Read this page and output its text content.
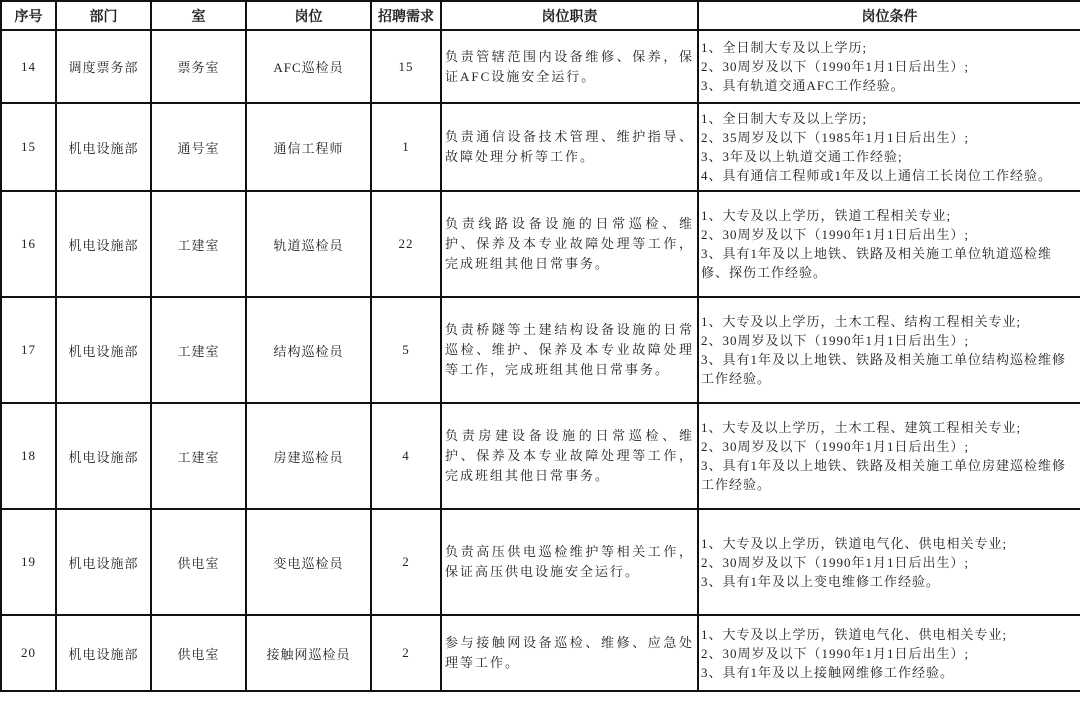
序号	部门	室	岗位	招聘需求	岗位职责	岗位条件
14	调度票务部	票务室	AFC巡检员	15	负责管辖范围内设备维修、保养，保证AFC设施安全运行。	1、全日制大专及以上学历;
2、30周岁及以下（1990年1月1日后出生）;
3、具有轨道交通AFC工作经验。

15	机电设施部	通号室	通信工程师	1	负责通信设备技术管理、维护指导、故障处理分析等工作。	1、全日制大专及以上学历;
2、35周岁及以下（1985年1月1日后出生）;
3、3年及以上轨道交通工作经验;
4、具有通信工程师或1年及以上通信工长岗位工作经验。

16	机电设施部	工建室	轨道巡检员	22	负责线路设备设施的日常巡检、维护、保养及本专业故障处理等工作，完成班组其他日常事务。	1、大专及以上学历，铁道工程相关专业;
2、30周岁及以下（1990年1月1日后出生）;
3、具有1年及以上地铁、铁路及相关施工单位轨道巡检维修、探伤工作经验。

17	机电设施部	工建室	结构巡检员	5	负责桥隧等土建结构设备设施的日常巡检、维护、保养及本专业故障处理等工作，完成班组其他日常事务。	1、大专及以上学历，土木工程、结构工程相关专业;
2、30周岁及以下（1990年1月1日后出生）;
3、具有1年及以上地铁、铁路及相关施工单位结构巡检维修工作经验。

18	机电设施部	工建室	房建巡检员	4	负责房建设备设施的日常巡检、维护、保养及本专业故障处理等工作，完成班组其他日常事务。	1、大专及以上学历，土木工程、建筑工程相关专业;
2、30周岁及以下（1990年1月1日后出生）;
3、具有1年及以上地铁、铁路及相关施工单位房建巡检维修工作经验。

19	机电设施部	供电室	变电巡检员	2	负责高压供电巡检维护等相关工作，保证高压供电设施安全运行。	1、大专及以上学历，铁道电气化、供电相关专业;
2、30周岁及以下（1990年1月1日后出生）;
3、具有1年及以上变电维修工作经验。

20	机电设施部	供电室	接触网巡检员	2	参与接触网设备巡检、维修、应急处理等工作。	1、大专及以上学历，铁道电气化、供电相关专业;
2、30周岁及以下（1990年1月1日后出生）;
3、具有1年及以上接触网维修工作经验。
